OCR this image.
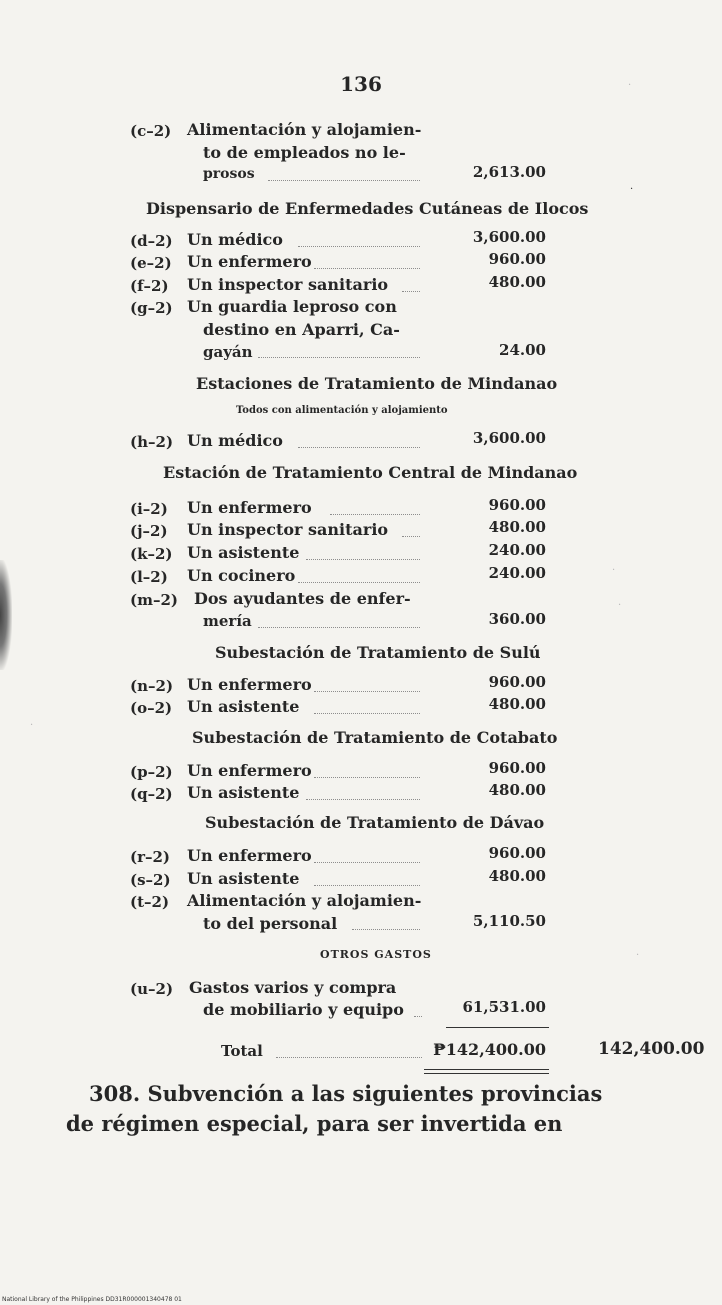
136
(c–2) Alimentación y alojamien-
to de empleados no le-
prosos	2,613.00
Dispensario de Enfermedades Cutáneas de Ilocos
(d–2) Un médico	3,600.00
(e–2) Un enfermero	960.00
(f–2) Un inspector sanitario	480.00
(g–2) Un guardia leproso con
destino en Aparri, Ca-
gayán	24.00
Estaciones de Tratamiento de Mindanao
Todos con alimentación y alojamiento
(h–2) Un médico	3,600.00
Estación de Tratamiento Central de Mindanao
(i–2) Un enfermero	960.00
(j–2) Un inspector sanitario	480.00
(k–2) Un asistente	240.00
(l–2) Un cocinero	240.00
(m–2) Dos ayudantes de enfer-
mería	360.00
Subestación de Tratamiento de Sulú
(n–2) Un enfermero	960.00
(o–2) Un asistente	480.00
Subestación de Tratamiento de Cotabato
(p–2) Un enfermero	960.00
(q–2) Un asistente	480.00
Subestación de Tratamiento de Dávao
(r–2) Un enfermero	960.00
(s–2) Un asistente	480.00
(t–2) Alimentación y alojamien-
to del personal	5,110.50
OTROS GASTOS
(u–2) Gastos varios y compra
de mobiliario y equipo	61,531.00
Total	₱142,400.00	142,400.00
308. Subvención a las siguientes provincias
de régimen especial, para ser invertida en
·
·
·
·
·
·
National Library of the Philippines DD31R000001340478 01
